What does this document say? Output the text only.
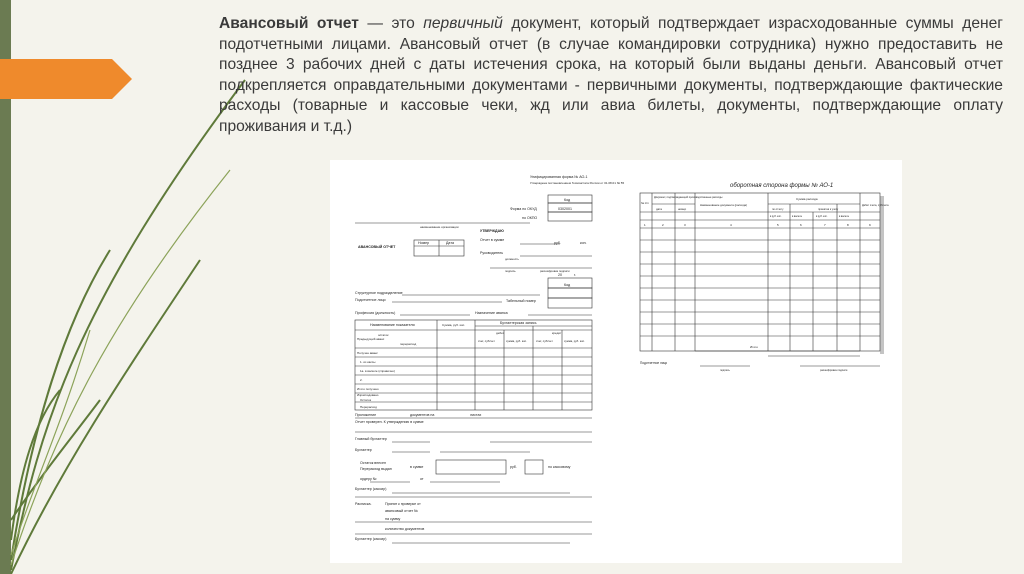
Авансовый отчет — это первичный документ, который подтверждает израсходованные суммы денег подотчетными лицами. Авансовый отчет (в случае командировки сотрудника) нужно предоставить не позднее 3 рабочих дней с даты истечения срока, на который были выданы деньги. Авансовый отчет подкрепляется оправдательными документами - первичными документы, подтверждающие фактические расходы (товарные и кассовые чеки, жд или авиа билеты, документы, подтверждающие оплату проживания и т.д.)
Унифицированная форма № АО-1
Утверждена постановлением Госкомстата России от 01.08.01 № 55
Код
Форма по ОКУД	0302001
по ОКПО
наименование организации
УТВЕРЖДАЮ
Отчет в сумме
руб.	коп.
АВАНСОВЫЙ ОТЧЕТ
Номер	Дата
Руководитель
должность
подпись	расшифровка подписи
20	г.
Код
Структурное подразделение
Подотчетное лицо	Табельный номер
Профессия (должность)	Назначение аванса
Наименование показателя	Сумма, руб. коп.	Бухгалтерская запись
дебет	кредит
счет, субсчет	сумма, руб. коп.	счет, субсчет	сумма, руб. коп.
остаток
Предыдущий аванс
перерасход
Получен аванс
1. из кассы
1а. в валюте (справочно)
2.
Итого получено
Израсходовано
Остаток
Перерасход
Приложение	документов на	листах
Отчет проверен. К утверждению в сумме
Главный бухгалтер
Бухгалтер
Остаток внесен
Перерасход выдан	в сумме	руб.	по кассовому
ордеру №	от
Бухгалтер (кассир)
Расписка.	Принят к проверке от
авансовый отчет №
на сумму
количество документов
Бухгалтер (кассир)
оборотная сторона формы № АО-1
№ п/п
Документ, подтверждающий производственные расходы
дата	номер
Наименование документа (расхода)
Сумма расхода
по отчету	принятая к учету
в руб. коп.	в валюте	в руб. коп.	в валюте
Дебет счета, субсчета
1	2	3	4	5	6	7	8	9
Итого
Подотчетное лицо
подпись	расшифровка подписи
